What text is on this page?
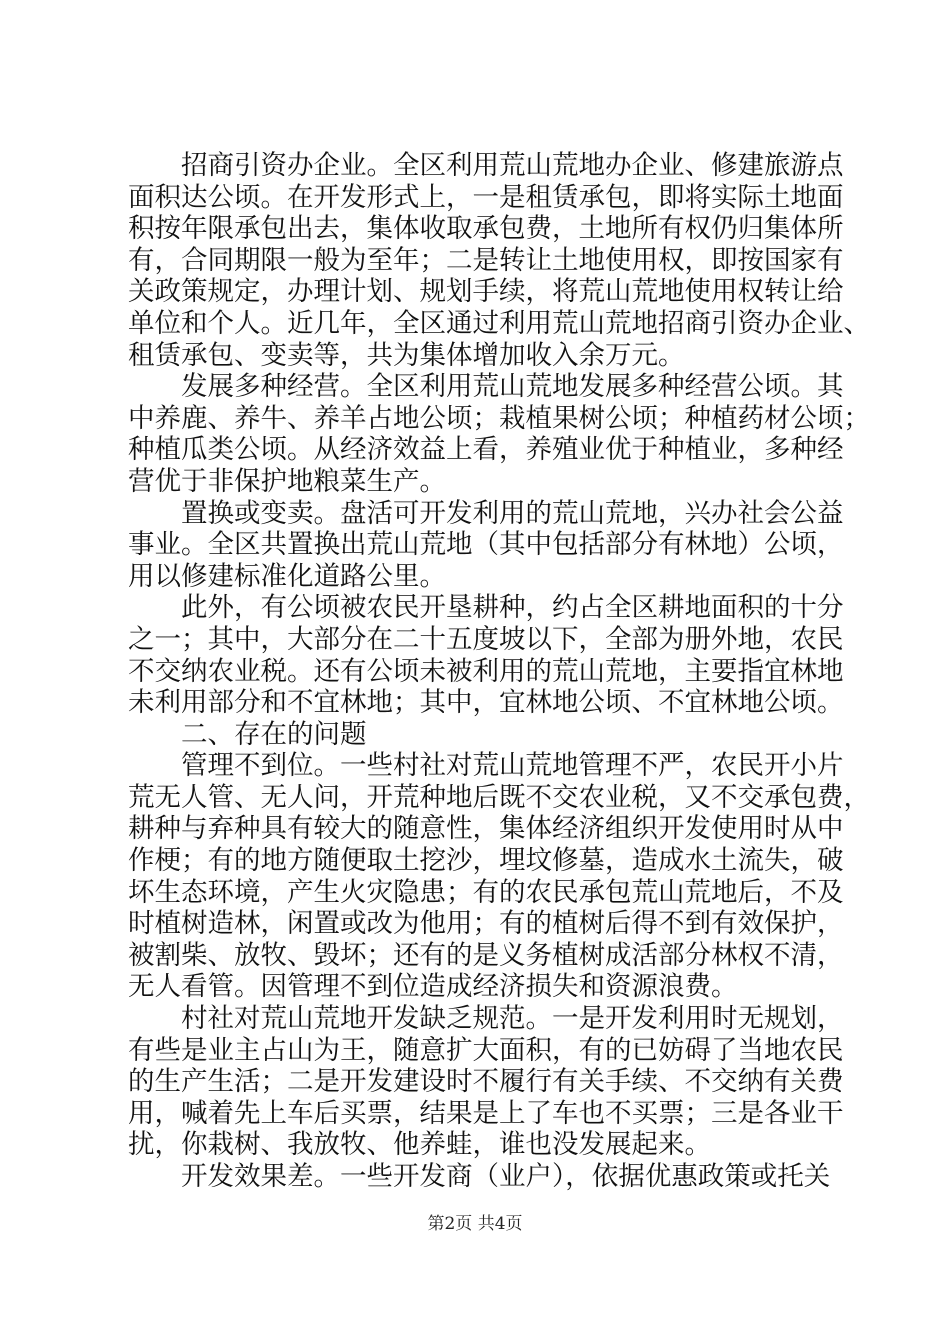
招商引资办企业。全区利用荒山荒地办企业、修建旅游点
面积达公顷。在开发形式上，一是租赁承包，即将实际土地面
积按年限承包出去，集体收取承包费，土地所有权仍归集体所
有，合同期限一般为至年；二是转让土地使用权，即按国家有
关政策规定，办理计划、规划手续，将荒山荒地使用权转让给
单位和个人。近几年，全区通过利用荒山荒地招商引资办企业、
租赁承包、变卖等，共为集体增加收入余万元。
发展多种经营。全区利用荒山荒地发展多种经营公顷。其
中养鹿、养牛、养羊占地公顷；栽植果树公顷；种植药材公顷；
种植瓜类公顷。从经济效益上看，养殖业优于种植业，多种经
营优于非保护地粮菜生产。
置换或变卖。盘活可开发利用的荒山荒地，兴办社会公益
事业。全区共置换出荒山荒地（其中包括部分有林地）公顷，
用以修建标准化道路公里。
此外，有公顷被农民开垦耕种，约占全区耕地面积的十分
之一；其中，大部分在二十五度坡以下，全部为册外地，农民
不交纳农业税。还有公顷未被利用的荒山荒地，主要指宜林地
未利用部分和不宜林地；其中，宜林地公顷、不宜林地公顷。
二、存在的问题
管理不到位。一些村社对荒山荒地管理不严，农民开小片
荒无人管、无人问，开荒种地后既不交农业税，又不交承包费，
耕种与弃种具有较大的随意性，集体经济组织开发使用时从中
作梗；有的地方随便取土挖沙，埋坟修墓，造成水土流失，破
坏生态环境，产生火灾隐患；有的农民承包荒山荒地后，不及
时植树造林，闲置或改为他用；有的植树后得不到有效保护，
被割柴、放牧、毁坏；还有的是义务植树成活部分林权不清，
无人看管。因管理不到位造成经济损失和资源浪费。
村社对荒山荒地开发缺乏规范。一是开发利用时无规划，
有些是业主占山为王，随意扩大面积，有的已妨碍了当地农民
的生产生活；二是开发建设时不履行有关手续、不交纳有关费
用，喊着先上车后买票，结果是上了车也不买票；三是各业干
扰，你栽树、我放牧、他养蛙，谁也没发展起来。
开发效果差。一些开发商（业户），依据优惠政策或托关
第2页 共4页
